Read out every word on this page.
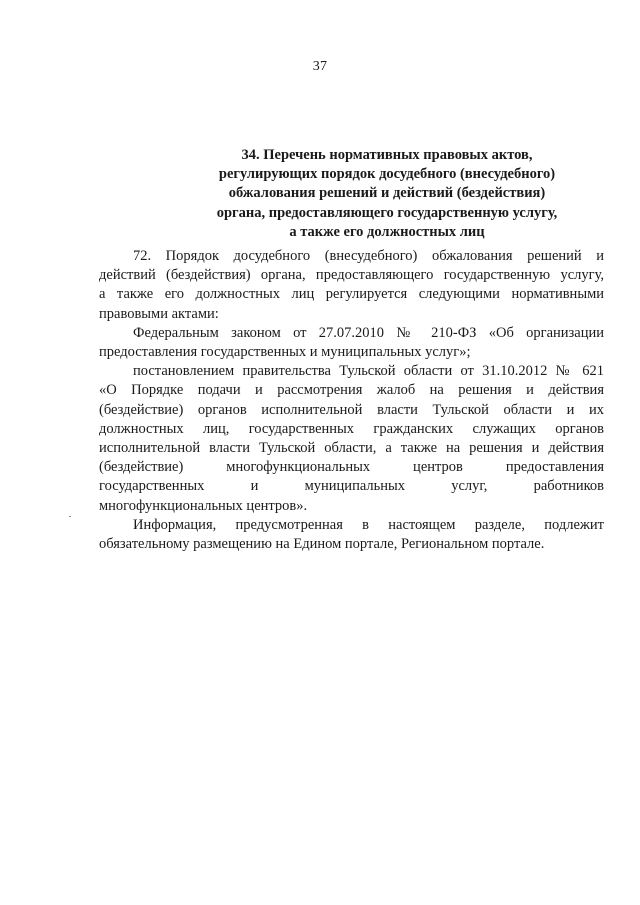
37
34. Перечень нормативных правовых актов,
регулирующих порядок досудебного (внесудебного)
обжалования решений и действий (бездействия)
органа, предоставляющего государственную услугу,
а также его должностных лиц
72. Порядок досудебного (внесудебного) обжалования решений и
действий (бездействия) органа, предоставляющего государственную услугу,
а также его должностных лиц регулируется следующими нормативными
правовыми актами:
Федеральным законом от 27.07.2010 № 210-ФЗ «Об организации
предоставления государственных и муниципальных услуг»;
постановлением правительства Тульской области от 31.10.2012 № 621
«О Порядке подачи и рассмотрения жалоб на решения и действия
(бездействие) органов исполнительной власти Тульской области и их
должностных лиц, государственных гражданских служащих органов
исполнительной власти Тульской области, а также на решения и действия
(бездействие) многофункциональных центров предоставления
государственных и муниципальных услуг, работников
многофункциональных центров».
Информация, предусмотренная в настоящем разделе, подлежит
обязательному размещению на Едином портале, Региональном портале.
